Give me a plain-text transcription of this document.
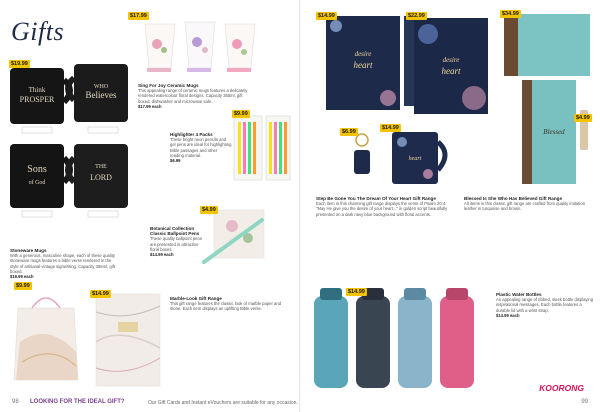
Gifts
Think
PROSPER
WHO
Believes
Sons
of God
THE
LORD
$19.99
Stoneware Mugs
With a generous, masculine shape, each of these quality stoneware mugs features a bible verse rendered in the style of artisanal vintage signwriting. Capacity 355ml, gift boxed.
$19.99 each
$17.99
Sing For Joy Ceramic Mugs
This appealing range of ceramic mugs features a delicately rendered watercolour floral designs. Capacity 355ml, gift boxed, dishwasher and microwave safe.
$17.99 each
$9.99
Highlighter 4 Packs
These bright neon pencils and gel pens are ideal for highlighting Bible passages and other reading material.
$6.99
$4.99
Botanical Collection Classic Ballpoint Pens
These quality ballpoint pens are presented in attractive floral boxes.
$14.99 each
$9.99
$14.99
Marble-Look Gift Range
This gift range features the classic look of marble paper and stone. Each item displays an uplifting Bible verse.
desire
heart
$14.99
desire
heart
$22.99
$6.99
heart
$14.99
Step Be Gone You The Dream Of Your Heart Gift Range
Each item in this charming gift range displays the verse of Psalm 20:4. "May He give you the desire of your heart..." in golden script beautifully presented on a dark navy blue background with floral accents.
Blessed
$34.99
$4.99
Blessed Is She Who Has Believed Gift Range
All items in this classic gift range are crafted from quality imitation leather in turquoise and brown.
$14.99	Plastic Water Bottles
An appealing range of ribbed, sleek bottle displaying inspirational messages. Each bottle features a durable lid with a wrist strap.
$14.99 each
KOORONG
98 LOOKING FOR THE IDEAL GIFT?	Our Gift Cards and Instant eVouchers are suitable for any occasion.	99
